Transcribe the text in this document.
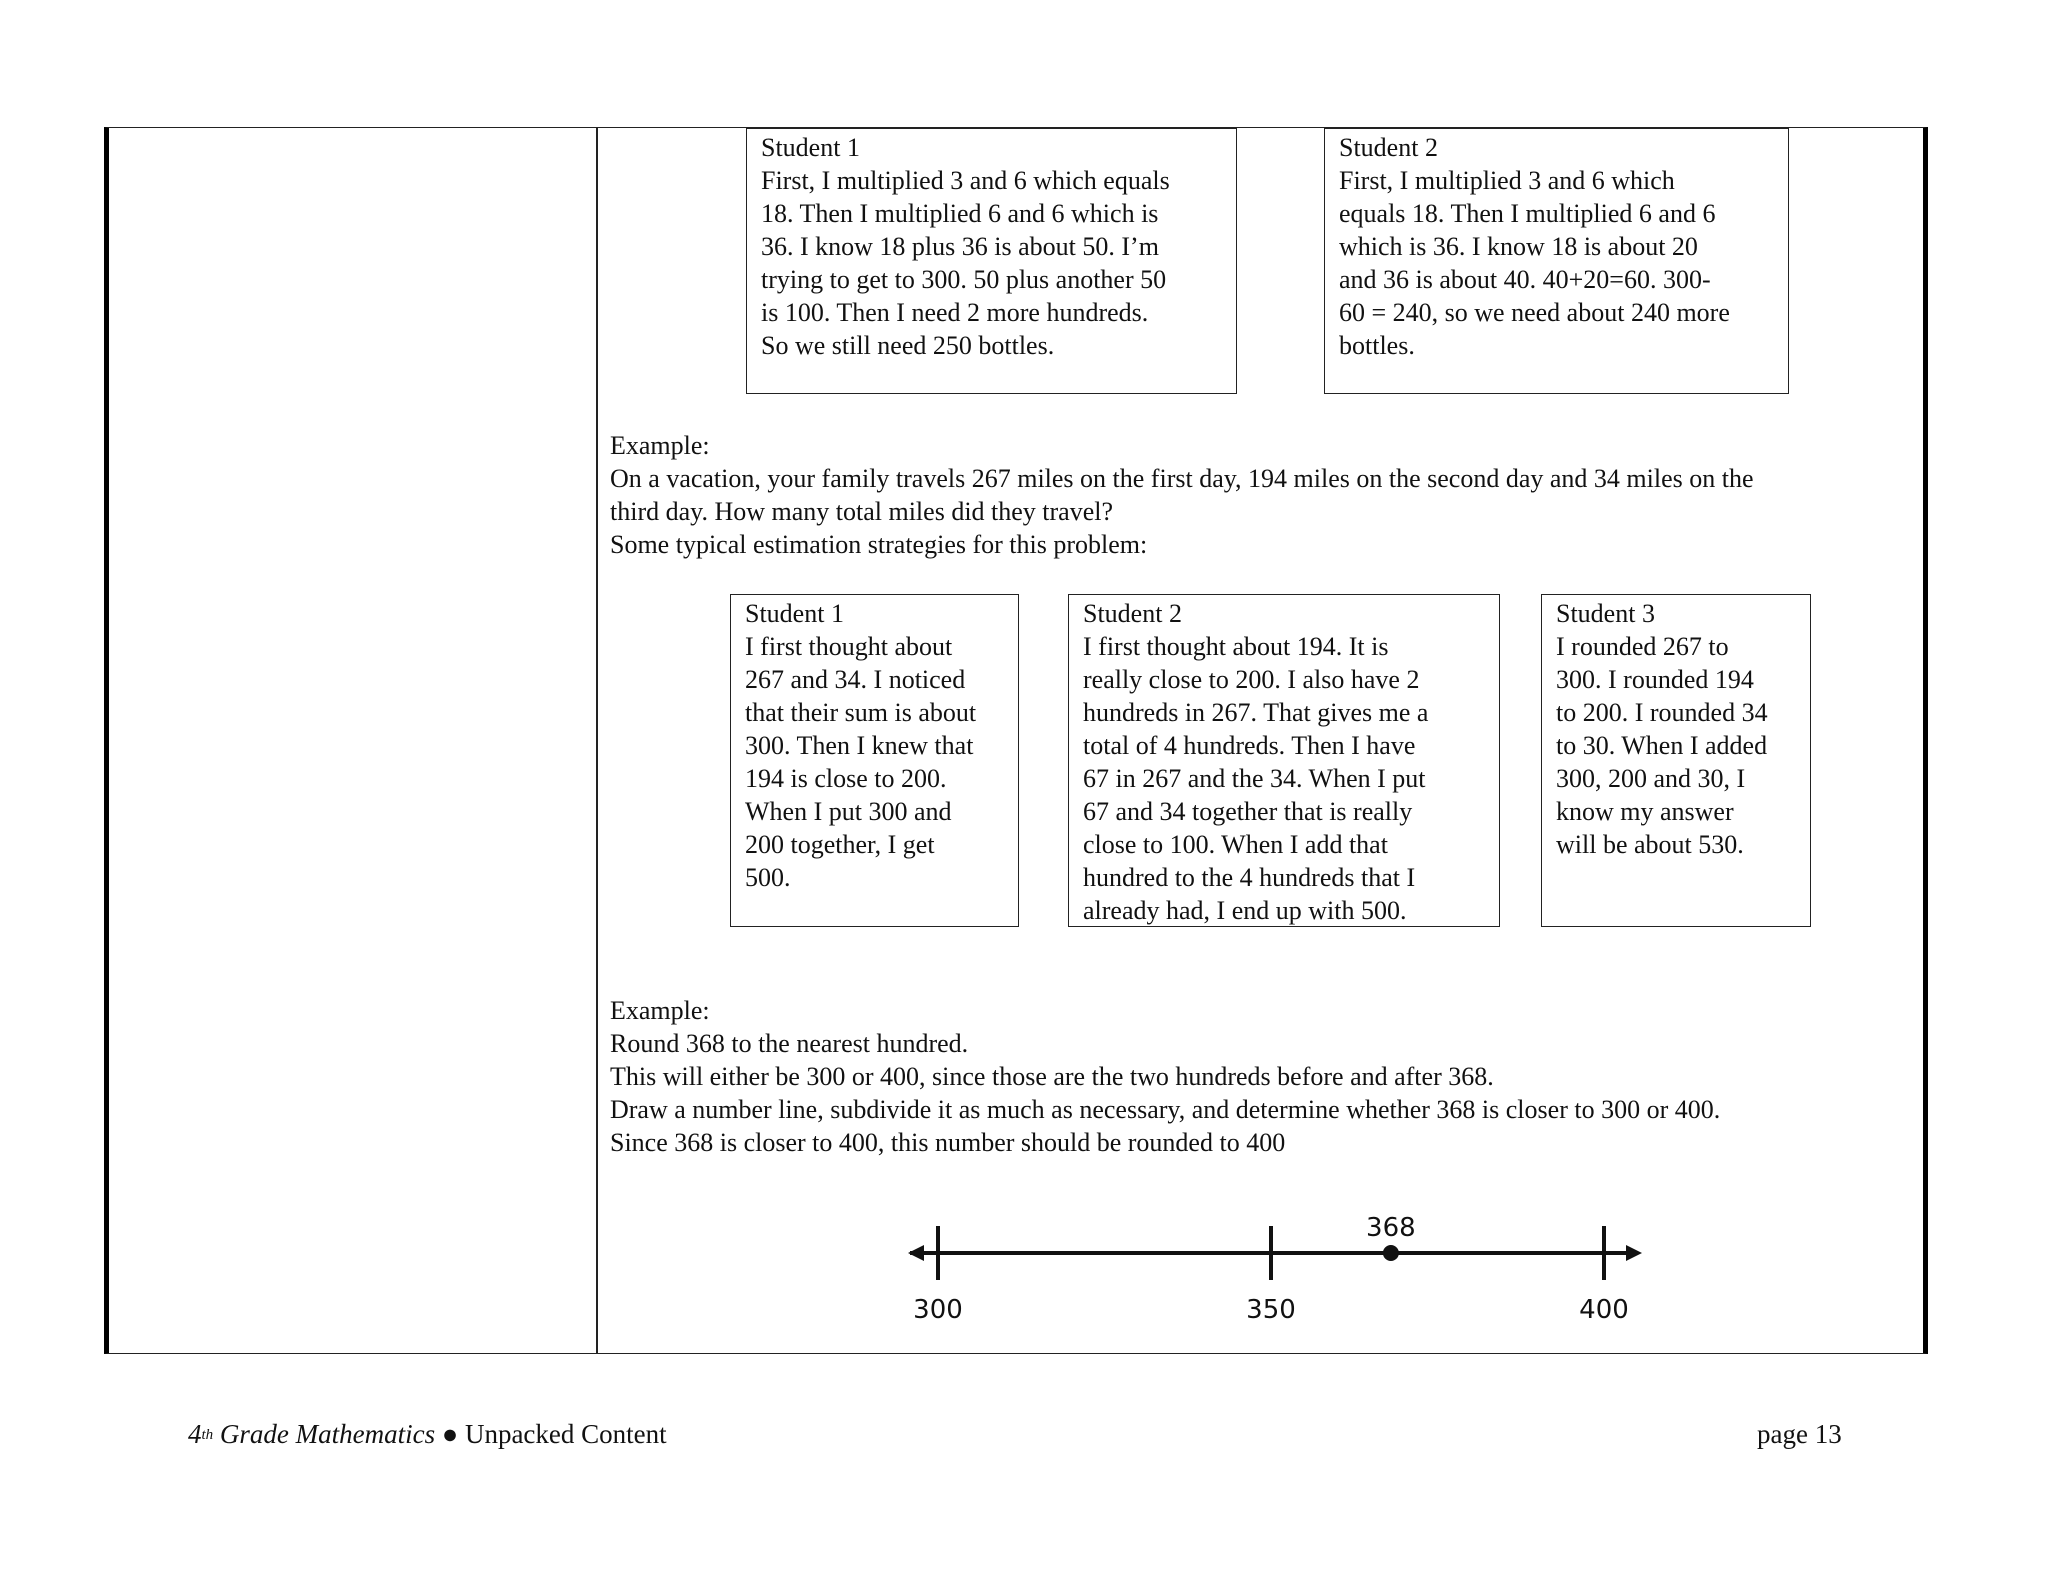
Student 1
First, I multiplied 3 and 6 which equals
18. Then I multiplied 6 and 6 which is
36. I know 18 plus 36 is about 50. I’m
trying to get to 300. 50 plus another 50
is 100. Then I need 2 more hundreds.
So we still need 250 bottles.
Student 2
First, I multiplied 3 and 6 which
equals 18. Then I multiplied 6 and 6
which is 36. I know 18 is about 20
and 36 is about 40. 40+20=60. 300-
60 = 240, so we need about 240 more
bottles.
Example:
On a vacation, your family travels 267 miles on the first day, 194 miles on the second day and 34 miles on the
third day. How many total miles did they travel?
Some typical estimation strategies for this problem:
Student 1
I first thought about
267 and 34. I noticed
that their sum is about
300. Then I knew that
194 is close to 200.
When I put 300 and
200 together, I get
500.
Student 2
I first thought about 194. It is
really close to 200. I also have 2
hundreds in 267. That gives me a
total of 4 hundreds. Then I have
67 in 267 and the 34. When I put
67 and 34 together that is really
close to 100. When I add that
hundred to the 4 hundreds that I
already had, I end up with 500.
Student 3
I rounded 267 to
300. I rounded 194
to 200. I rounded 34
to 30. When I added
300, 200 and 30, I
know my answer
will be about 530.
Example:
Round 368 to the nearest hundred.
This will either be 300 or 400, since those are the two hundreds before and after 368.
Draw a number line, subdivide it as much as necessary, and determine whether 368 is closer to 300 or 400.
Since 368 is closer to 400, this number should be rounded to 400
300	350	400
368
4th Grade Mathematics ● Unpacked Content	page 13
